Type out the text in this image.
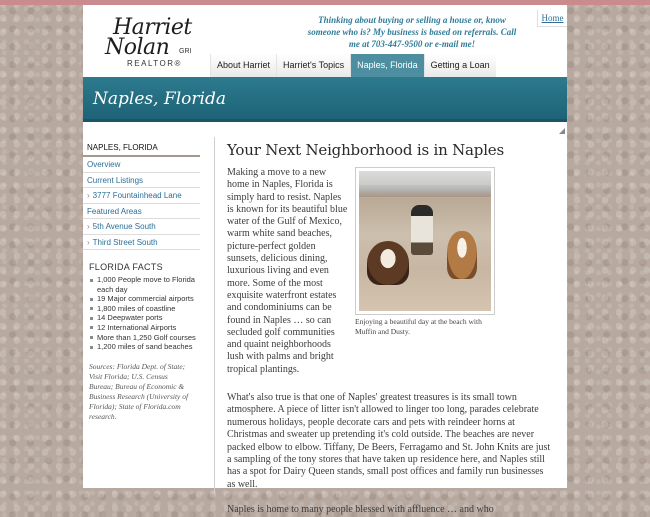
Harriet
Nolan GRI
REALTOR®
Thinking about buying or selling a house or, know someone who is? My business is based on referrals. Call me at 703-447-9500 or e-mail me!
Home
About Harriet	Harriet's Topics	Naples, Florida	Getting a Loan
Naples, Florida
NAPLES, FLORIDA
Overview
Current Listings
› 3777 Fountainhead Lane
Featured Areas
› 5th Avenue South
› Third Street South
FLORIDA FACTS
1,000 People move to Florida each day
19 Major commercial airports
1,800 miles of coastline
14 Deepwater ports
12 International Airports
More than 1,250 Golf courses
1,200 miles of sand beaches
Sources: Florida Dept. of State; Visit Florida; U.S. Census Bureau; Bureau of Economic & Business Research (University of Florida); State of Florida.com research.
Your Next Neighborhood is in Naples

Making a move to a new home in Naples, Florida is simply hard to resist. Naples is known for its beautiful blue water of the Gulf of Mexico, warm white sand beaches, picture-perfect golden sunsets, delicious dining, luxurious living and even more. Some of the most exquisite waterfront estates and condominiums can be found in Naples … so can secluded golf communities and quaint neighborhoods lush with palms and bright tropical plantings.

Enjoying a beautiful day at the beach with Muffin and Dusty.

What's also true is that one of Naples' greatest treasures is its small town atmosphere. A piece of litter isn't allowed to linger too long, parades celebrate numerous holidays, people decorate cars and pets with reindeer horns at Christmas and sweater up pretending it's cold outside. The beaches are never packed elbow to elbow. Tiffany, De Beers, Ferragamo and St. John Knits are just a sampling of the tony stores that have taken up residence here, and Naples still has a spot for Dairy Queen stands, small post offices and family run businesses as well.

Naples is home to many people blessed with affluence … and who
